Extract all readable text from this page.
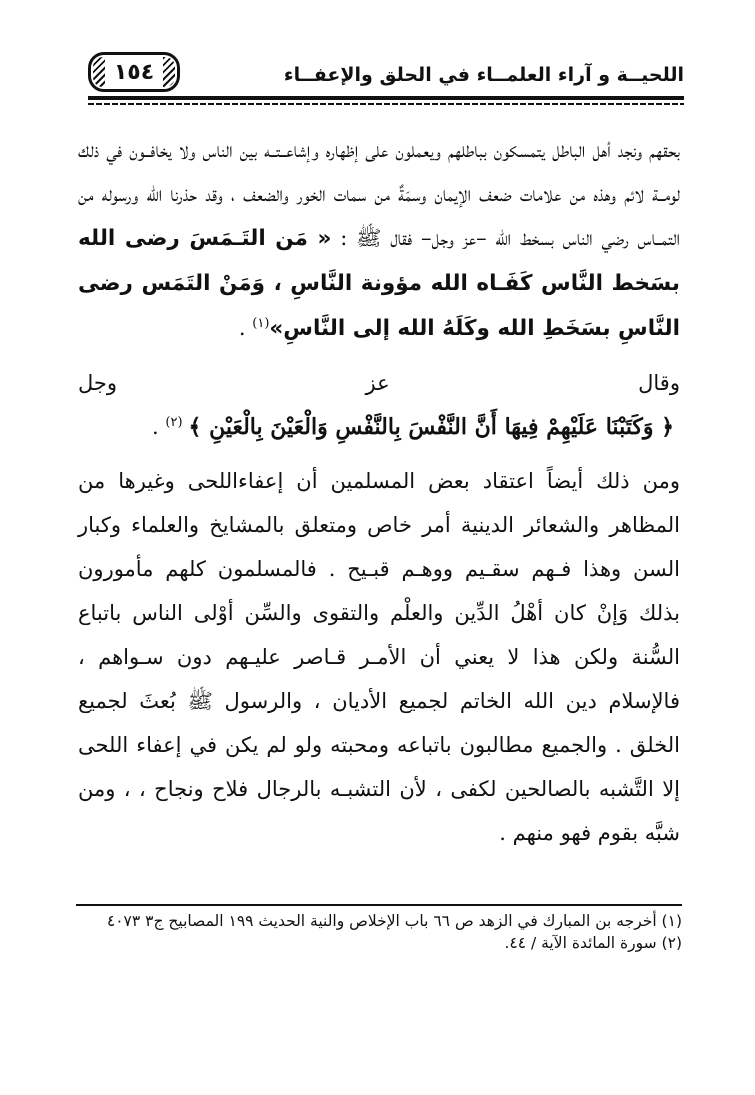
اللحيــة و آراء العلمــاء في الحلق والإعفــاء
١٥٤

بحقهم ونجد أهل الباطل يتمسكون بباطلهم ويعملون على إظهاره وإشاعــتــه بين الناس ولا يخافــون في ذلك لومــة لائم وهذه من علامات ضعف الإيمان وسمَةٌ من سمات الخور والضعف ، وقد حذرنا الله ورسوله من التمــاس رضي الناس بسخط الله –عز وجل– فقال ﷺ : « مَن التَـمَسَ رضى الله بسَخط النَّاس كَفَـاه الله مؤونة النَّاسِ ، وَمَنْ التَمَس رضى النَّاسِ بسَخَطِ الله وكَلَهُ الله إلى النَّاسِ»$^{(١)}$ .

وقال عز وجل ﴿ وَكَتَبْنَا عَلَيْهِمْ فِيهَا أَنَّ النَّفْسَ بِالنَّفْسِ وَالْعَيْنَ بِالْعَيْنِ ﴾$^{(٢)}$ .

ومن ذلك أيضاً اعتقاد بعض المسلمين أن إعفاءاللحى وغيرها من المظاهر والشعائر الدينية أمر خاص ومتعلق بالمشايخ والعلماء وكبار السن وهذا فـهم سقـيم ووهـم قبـيح . فالمسلمون كلهم مأمورون بذلك وَإنْ كان أهْلُ الدِّين والعلْم والتقوى والسِّن أوْلى الناس باتباع السُّنة ولكن هذا لا يعني أن الأمـر قـاصر عليـهم دون سـواهم ، فالإسلام دين الله الخاتم لجميع الأديان ، والرسول ﷺ بُعثَ لجميع الخلق . والجميع مطالبون باتباعه ومحبته ولو لم يكن في إعفاء اللحى إلا التَّشبه بالصالحين لكفى ، لأن التشبـه بالرجال فلاح ونجاح ، ، ومن شبَّه بقوم فهو منهم .

(١) أخرجه بن المبارك في الزهد ص ٦٦ باب الإخلاص والنية الحديث ١٩٩ المصابيح ج٣ ٤٠٧٣

(٢) سورة المائدة الآية / ٤٤.
